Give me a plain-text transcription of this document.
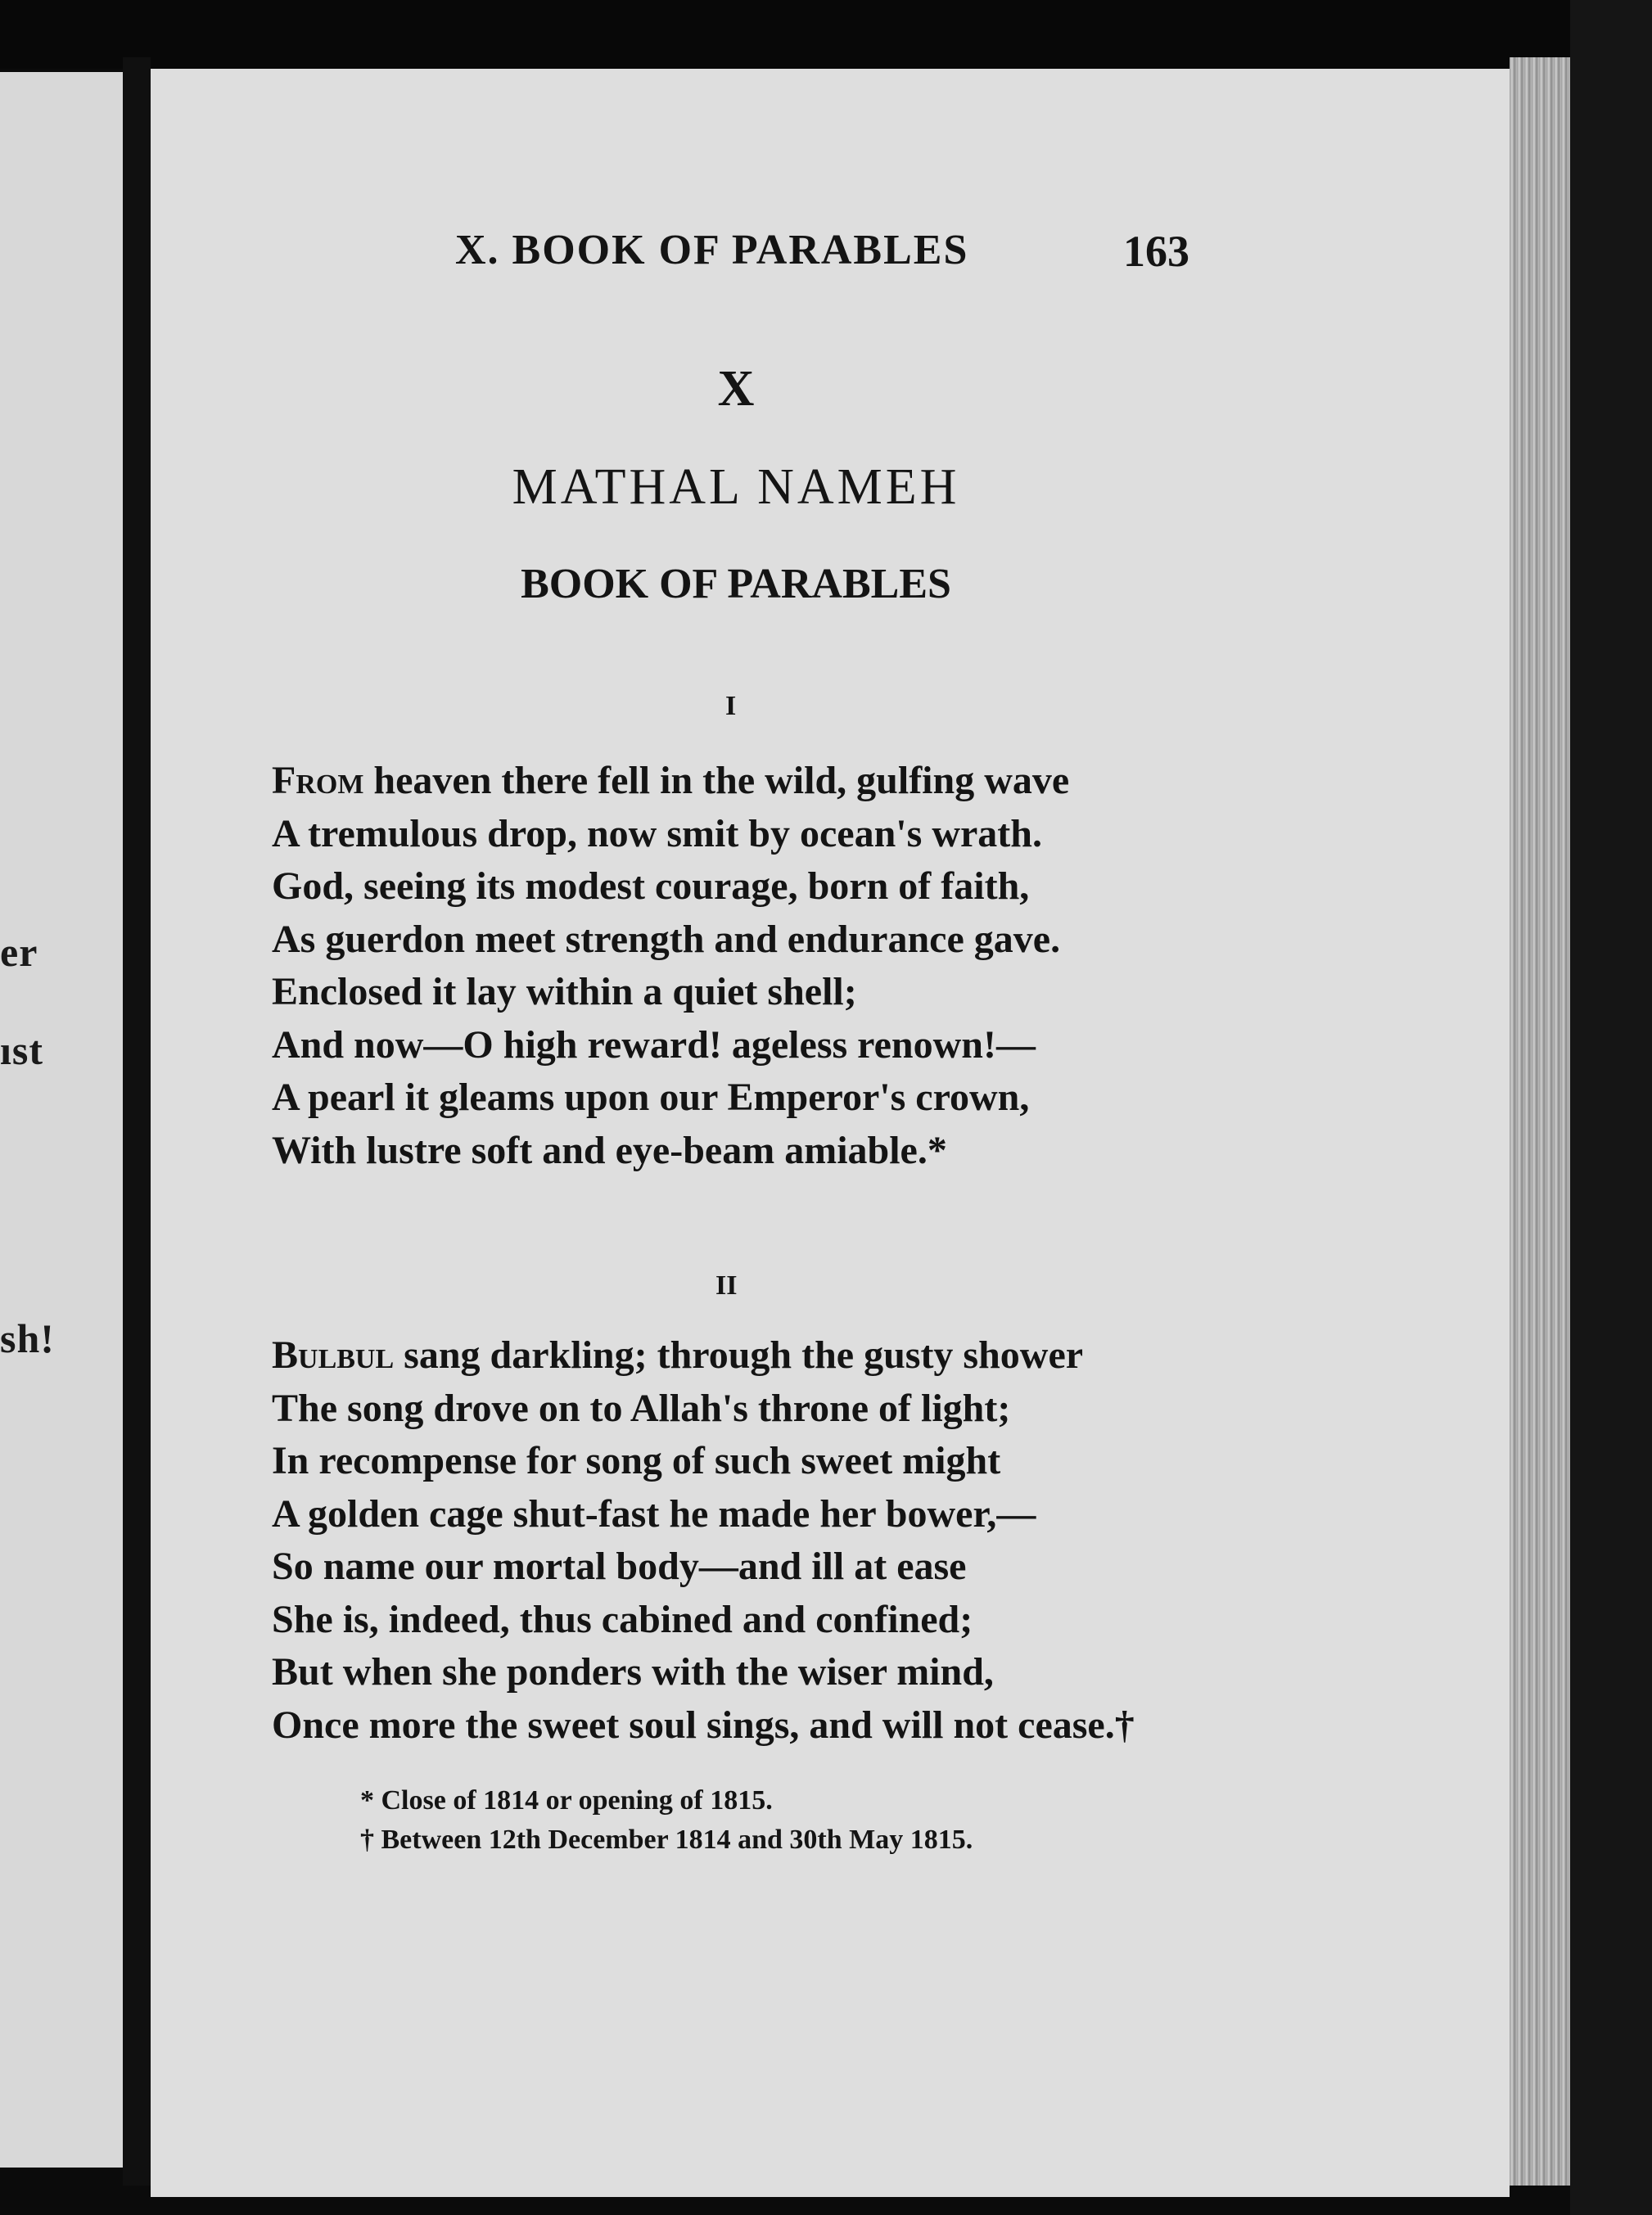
er
ıst
sh!
X. BOOK OF PARABLES	163
X
MATHAL NAMEH
BOOK OF PARABLES
I
From heaven there fell in the wild, gulfing wave
A tremulous drop, now smit by ocean's wrath.
God, seeing its modest courage, born of faith,
As guerdon meet strength and endurance gave.
Enclosed it lay within a quiet shell;
And now—O high reward! ageless renown!—
A pearl it gleams upon our Emperor's crown,
With lustre soft and eye-beam amiable.*
II
Bulbul sang darkling; through the gusty shower
The song drove on to Allah's throne of light;
In recompense for song of such sweet might
A golden cage shut-fast he made her bower,—
So name our mortal body—and ill at ease
She is, indeed, thus cabined and confined;
But when she ponders with the wiser mind,
Once more the sweet soul sings, and will not cease.†
* Close of 1814 or opening of 1815.
† Between 12th December 1814 and 30th May 1815.
